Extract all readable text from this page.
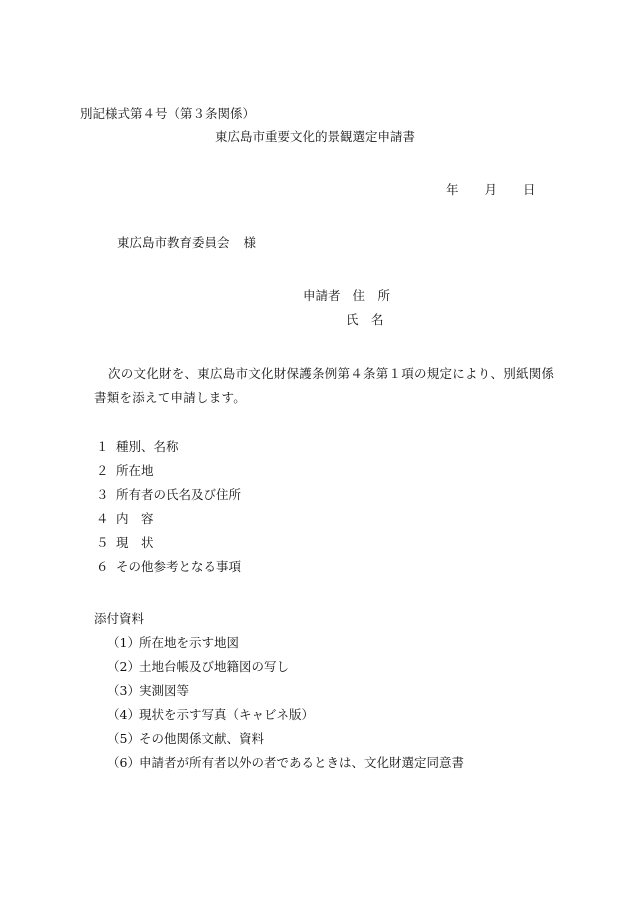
別記様式第４号（第３条関係）
東広島市重要文化的景観選定申請書
年 月 日
東広島市教育委員会 様
申請者 住　所
氏　名
次の文化財を、東広島市文化財保護条例第４条第１項の規定により、別紙関係書類を添えて申請します。
１ 種別、名称
２ 所在地
３ 所有者の氏名及び住所
４ 内　容
５ 現　状
６ その他参考となる事項
添付資料
（1）所在地を示す地図
（2）土地台帳及び地籍図の写し
（3）実測図等
（4）現状を示す写真（キャビネ版）
（5）その他関係文献、資料
（6）申請者が所有者以外の者であるときは、文化財選定同意書
